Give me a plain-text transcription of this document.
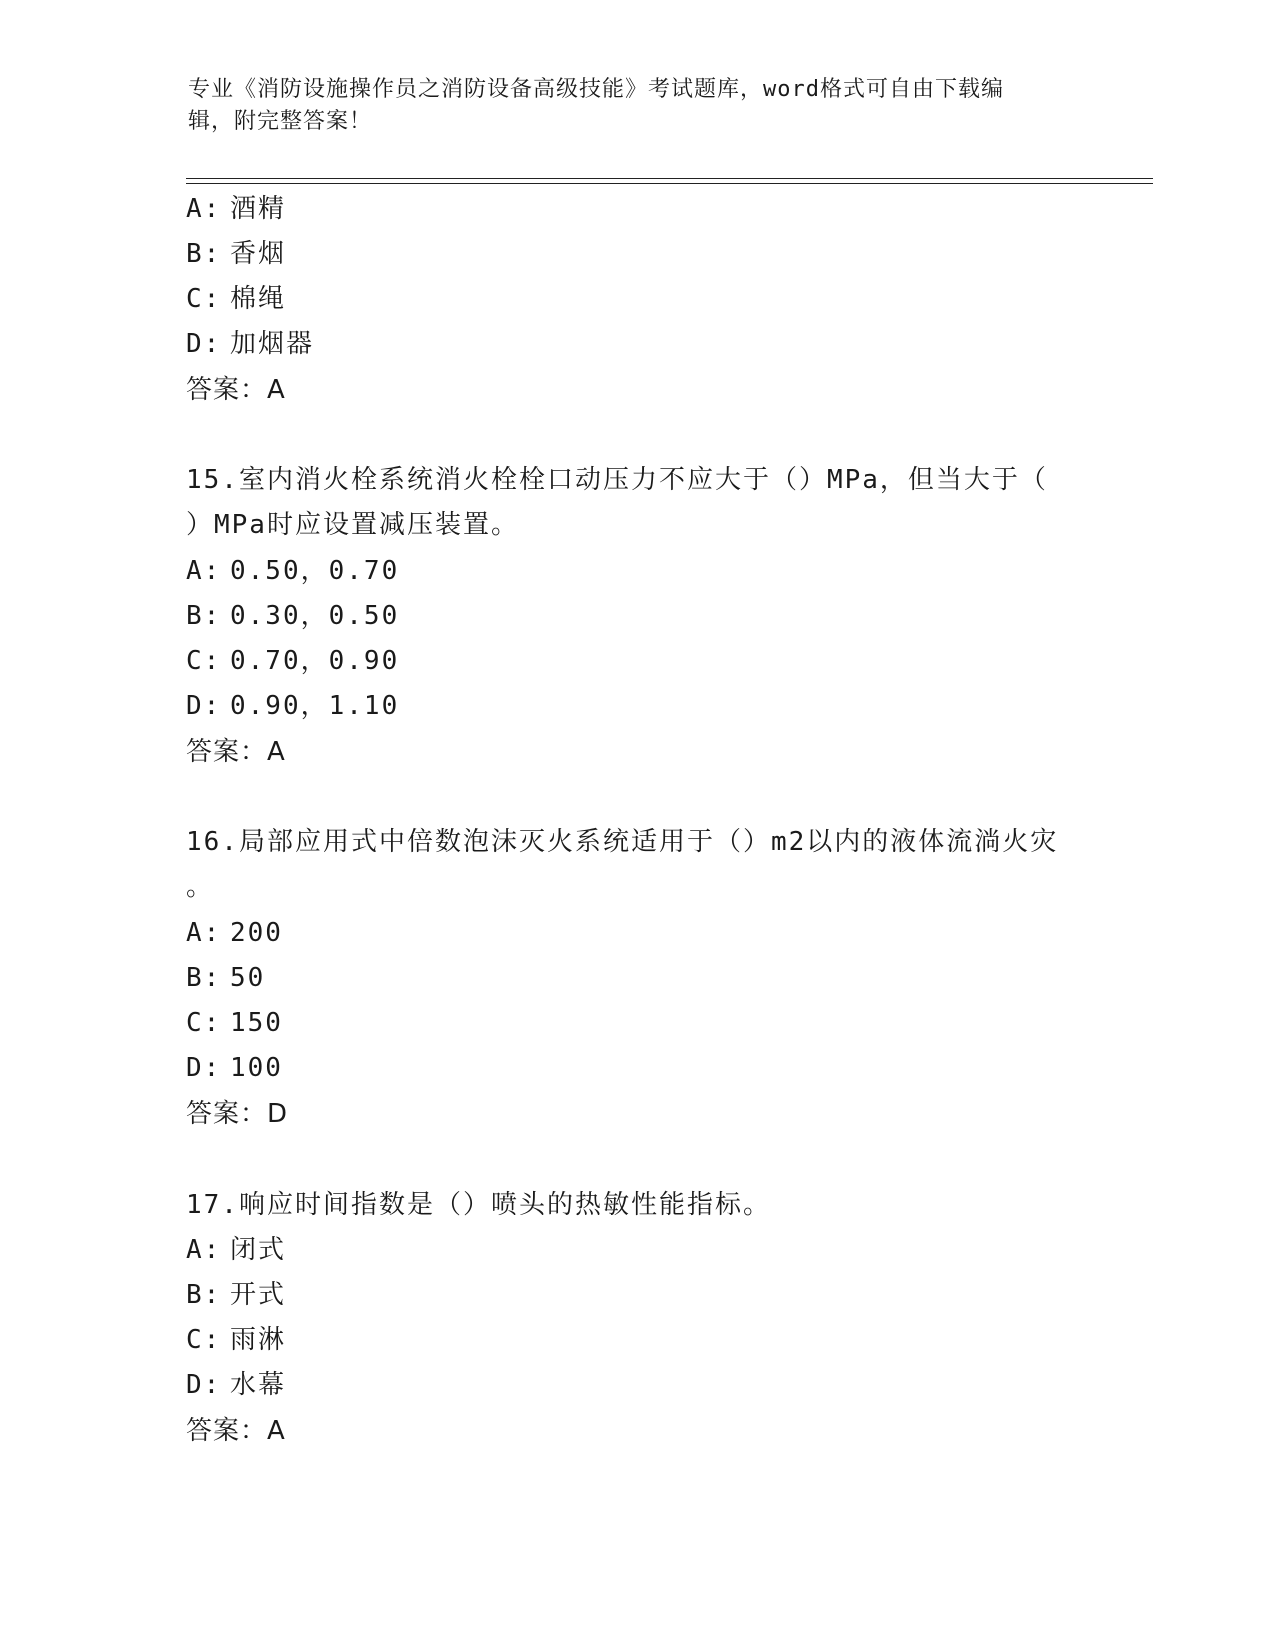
专业《消防设施操作员之消防设备高级技能》考试题库，word格式可自由下载编
辑，附完整答案！
A: 酒精
B: 香烟
C: 棉绳
D: 加烟器
答案：A
15.室内消火栓系统消火栓栓口动压力不应大于（）MPa，但当大于（
）MPa时应设置减压装置。
A: 0.50，0.70
B: 0.30，0.50
C: 0.70，0.90
D: 0.90，1.10
答案：A
16.局部应用式中倍数泡沫灭火系统适用于（）m2以内的液体流淌火灾
。
A: 200
B: 50
C: 150
D: 100
答案：D
17.响应时间指数是（）喷头的热敏性能指标。
A: 闭式
B: 开式
C: 雨淋
D: 水幕
答案：A
